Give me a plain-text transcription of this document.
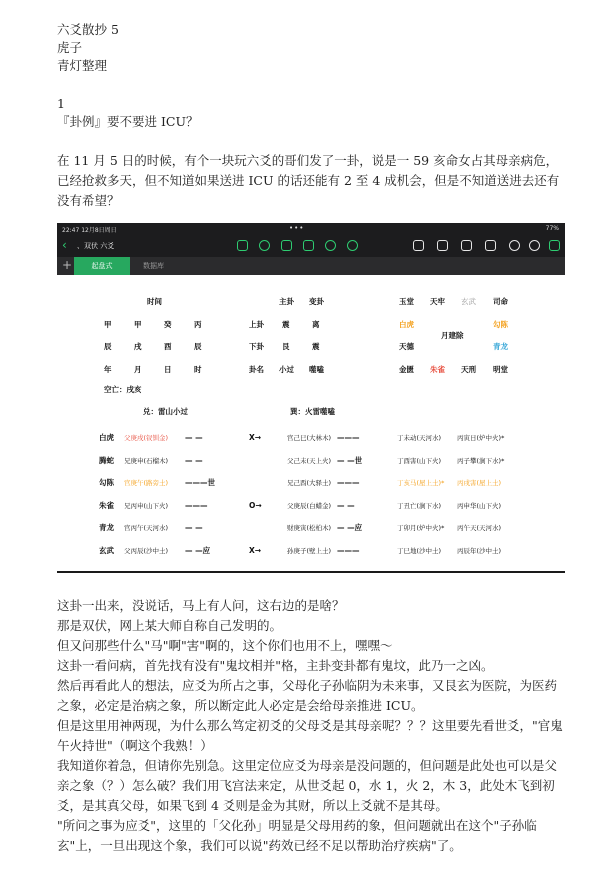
六爻散抄 5
虎子
青灯整理
1
『卦例』要不要进 ICU？
在 11 月 5 日的时候，有个一块玩六爻的哥们发了一卦，说是一 59 亥命女占其母亲病危，已经抢救多天，但不知道如果送进 ICU 的话还能有 2 至 4 成机会，但是不知道送进去还有没有希望？
22:47 12月8日周日	•••	77%
‹ 、双伏 六爻
+	起盘式	数据库
时间	主卦 变卦	玉堂 天牢 玄武 司命
甲	甲	癸	丙	上卦 震	离	白虎	勾陈
月建除
辰	戌	酉	辰	下卦 艮	震	天德	青龙
年	月	日	时	卦名 小过 噬嗑	金匮 朱雀 天刑 明堂
空亡：戌亥
兑：雷山小过	巽：火雷噬嗑
白虎 父庚戌(钗钏金) — —	X→	官己巳(大林木) ———	丁未动(天河水) 丙寅日(炉中火)*
腾蛇 兄庚申(石榴木) — —	父己未(天上火) — —世	丁酉害(山下火) 丙子攀(涧下水)*
勾陈 官庚午(路旁土) ———世	兄己酉(大驿土) ———	丁亥马(屋上土)* 丙戌害(屋上土)
朱雀 兄丙申(山下火) ———	O→	父庚辰(白蜡金) — —	丁丑亡(涧下水) 丙申华(山下火)
青龙 官丙午(天河水) — —	财庚寅(松柏木) — —应	丁卯月(炉中火)* 丙午天(天河水)
玄武 父丙辰(沙中土) — —应	X→	孙庚子(壁上土) ———	丁巳地(沙中土) 丙辰年(沙中土)
这卦一出来，没说话，马上有人问，这右边的是啥？
那是双伏，网上某大师自称自己发明的。
但又问那些什么"马"啊"害"啊的，这个你们也用不上，嘿嘿～
这卦一看问病，首先找有没有"鬼坟相并"格，主卦变卦都有鬼坟，此乃一之凶。
然后再看此人的想法，应爻为所占之事，父母化子孙临阴为未来事，又艮玄为医院，为医药之象，必定是治病之象，所以断定此人必定是会给母亲推进 ICU。
但是这里用神两现，为什么那么笃定初爻的父母爻是其母亲呢？？？这里要先看世爻，"官鬼午火持世"（啊这个我熟！）
我知道你着急，但请你先别急。这里定位应爻为母亲是没问题的，但问题是此处也可以是父亲之象（？）怎么破？我们用飞宫法来定，从世爻起 0，水 1，火 2，木 3，此处木飞到初爻，是其真父母，如果飞到 4 爻则是金为其财，所以上爻就不是其母。
"所问之事为应爻"，这里的「父化孙」明显是父母用药的象，但问题就出在这个"子孙临玄"上，一旦出现这个象，我们可以说"药效已经不足以帮助治疗疾病"了。
